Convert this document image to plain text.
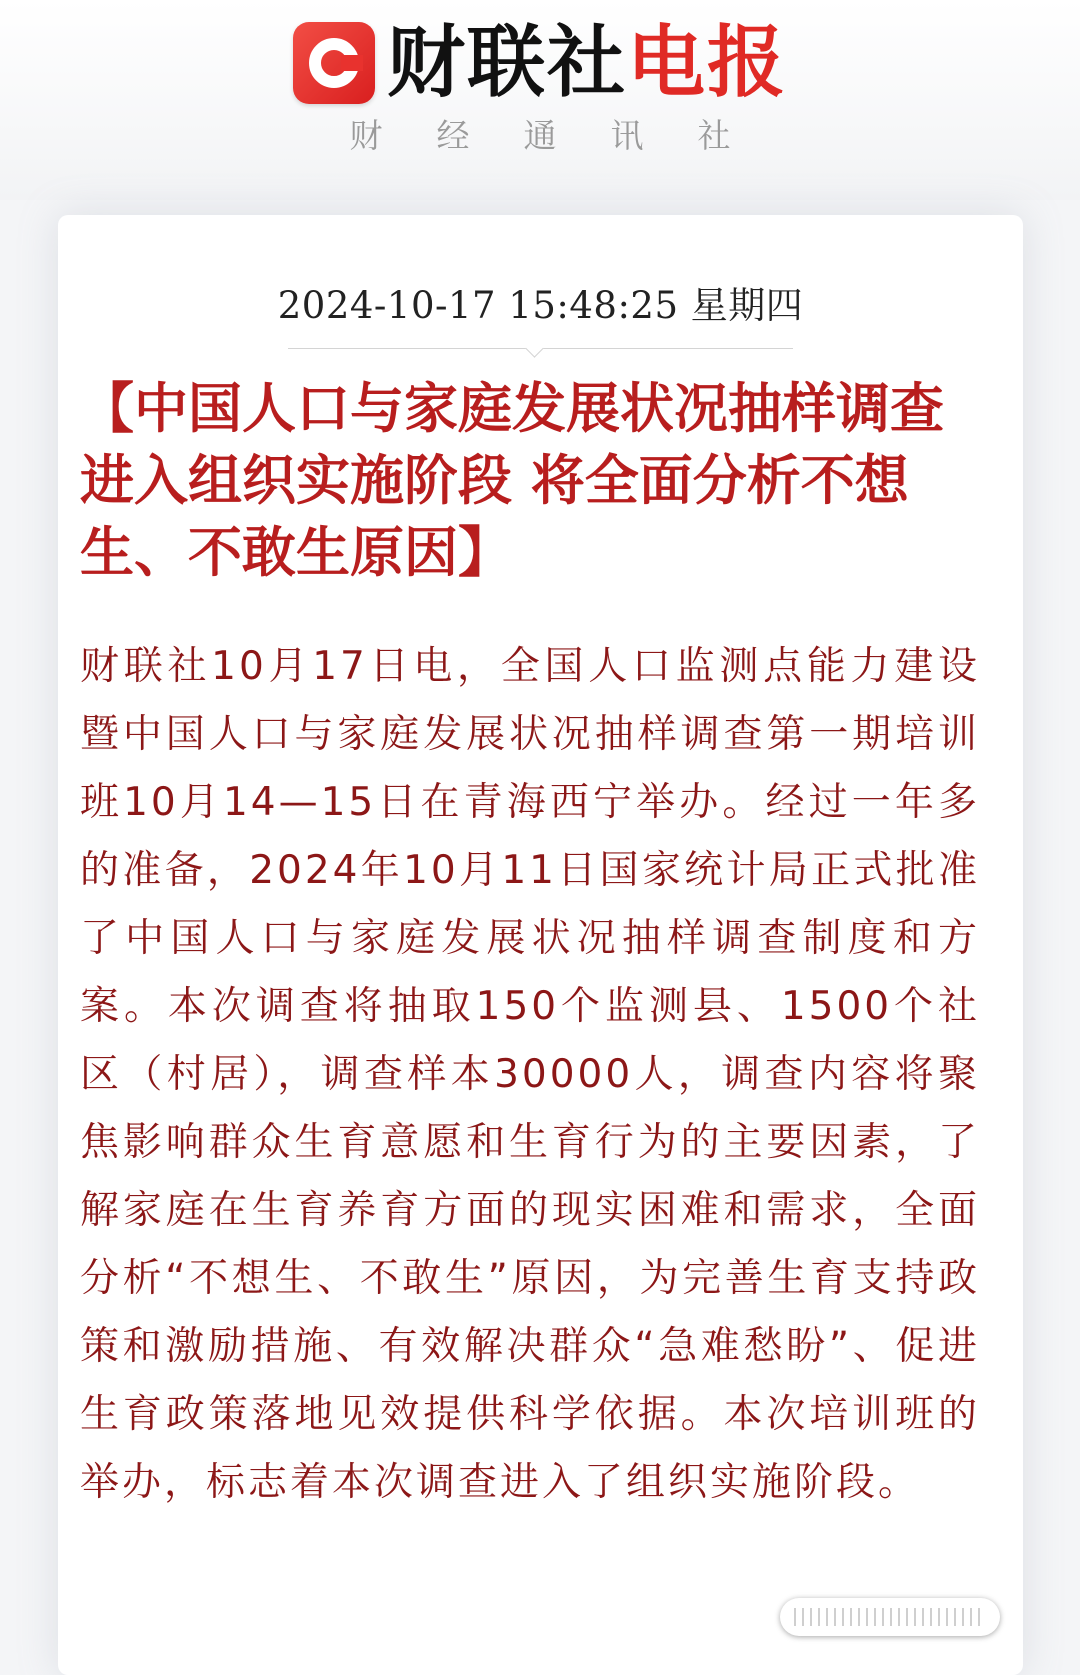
财联社 电报
财经通讯社
2024-10-17 15:48:25 星期四
【中国人口与家庭发展状况抽样调查进入组织实施阶段 将全面分析不想生、不敢生原因】
财联社10月17日电，全国人口监测点能力建设暨中国人口与家庭发展状况抽样调查第一期培训班10月14—15日在青海西宁举办。经过一年多的准备，2024年10月11日国家统计局正式批准了中国人口与家庭发展状况抽样调查制度和方案。本次调查将抽取150个监测县、1500个社区（村居），调查样本30000人，调查内容将聚焦影响群众生育意愿和生育行为的主要因素，了解家庭在生育养育方面的现实困难和需求，全面分析“不想生、不敢生”原因，为完善生育支持政策和激励措施、有效解决群众“急难愁盼”、促进生育政策落地见效提供科学依据。本次培训班的举办，标志着本次调查进入了组织实施阶段。
